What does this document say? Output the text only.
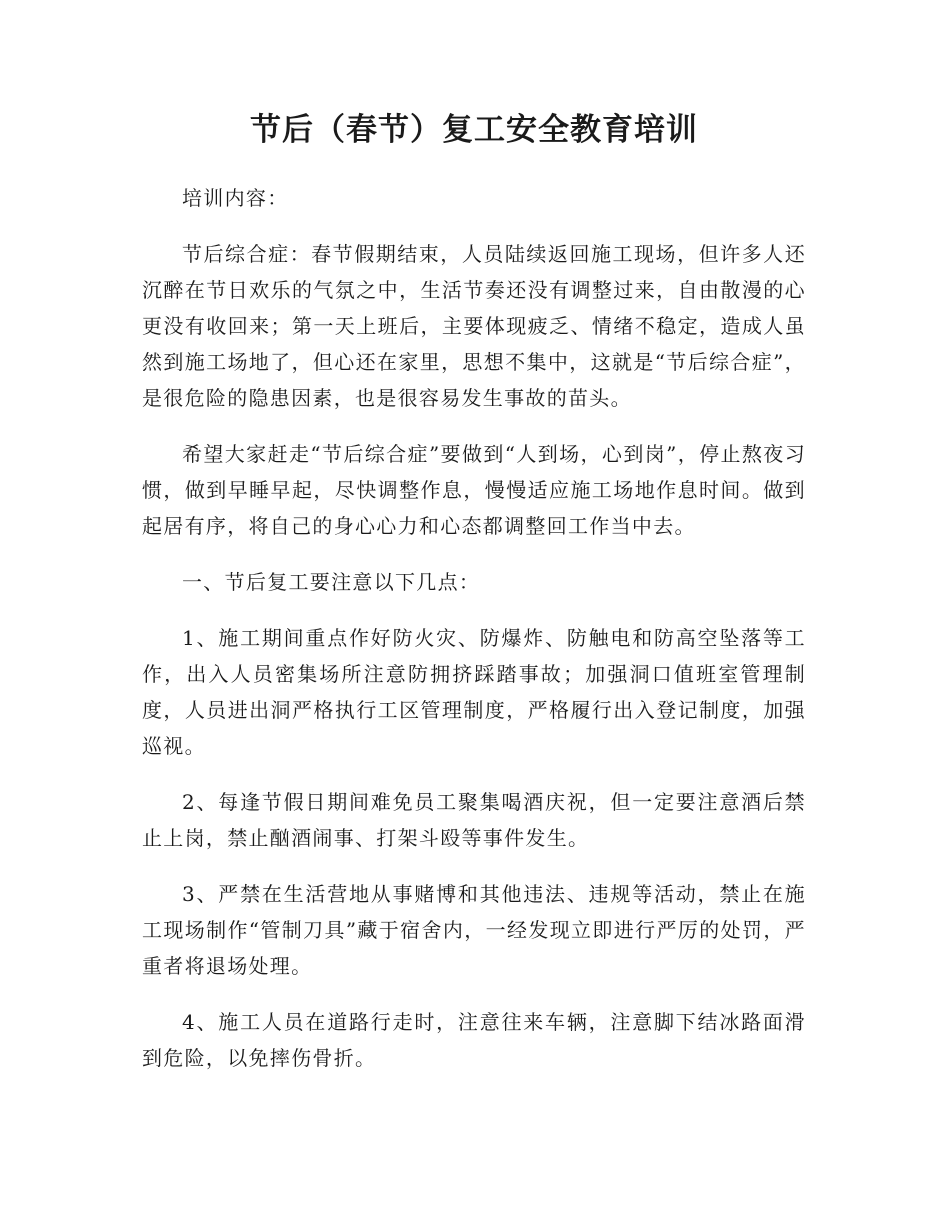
节后（春节）复工安全教育培训

培训内容：

节后综合症：春节假期结束，人员陆续返回施工现场，但许多人还沉醉在节日欢乐的气氛之中，生活节奏还没有调整过来，自由散漫的心更没有收回来；第一天上班后，主要体现疲乏、情绪不稳定，造成人虽然到施工场地了，但心还在家里，思想不集中，这就是“节后综合症”，是很危险的隐患因素，也是很容易发生事故的苗头。

希望大家赶走“节后综合症”要做到“人到场，心到岗”，停止熬夜习惯，做到早睡早起，尽快调整作息，慢慢适应施工场地作息时间。做到起居有序，将自己的身心心力和心态都调整回工作当中去。

一、节后复工要注意以下几点：

1、施工期间重点作好防火灾、防爆炸、防触电和防高空坠落等工作，出入人员密集场所注意防拥挤踩踏事故；加强洞口值班室管理制度，人员进出洞严格执行工区管理制度，严格履行出入登记制度，加强巡视。

2、每逢节假日期间难免员工聚集喝酒庆祝，但一定要注意酒后禁止上岗，禁止酗酒闹事、打架斗殴等事件发生。

3、严禁在生活营地从事赌博和其他违法、违规等活动，禁止在施工现场制作“管制刀具”藏于宿舍内，一经发现立即进行严厉的处罚，严重者将退场处理。

4、施工人员在道路行走时，注意往来车辆，注意脚下结冰路面滑到危险，以免摔伤骨折。
